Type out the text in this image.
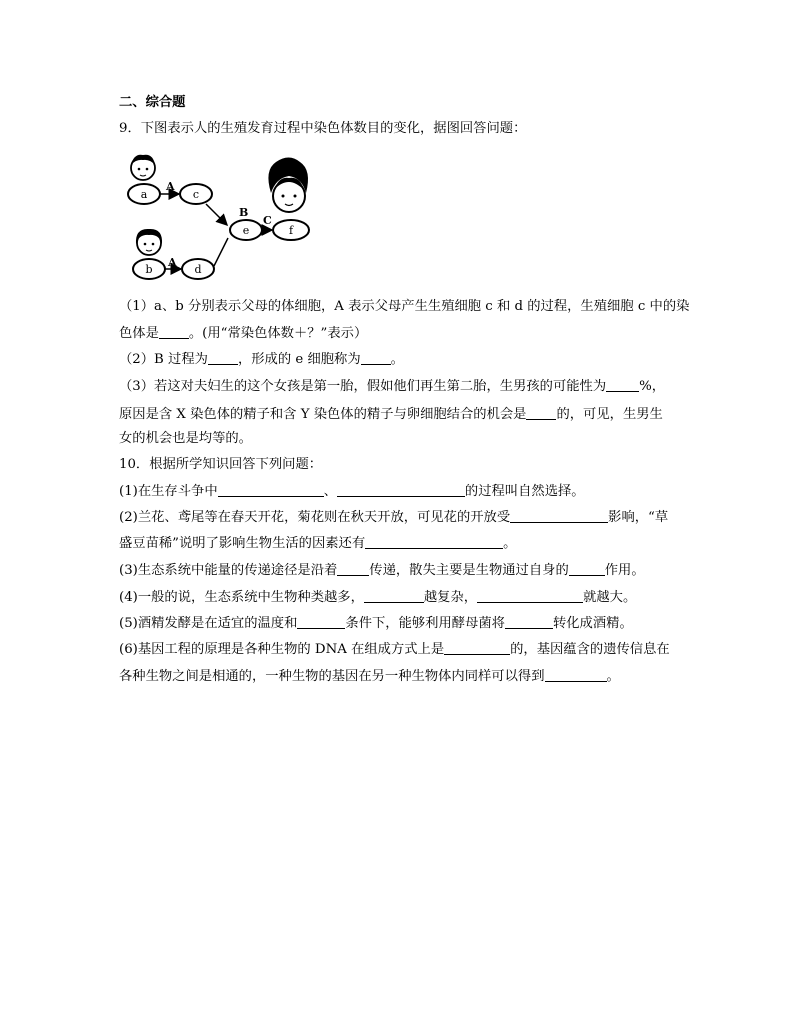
二、综合题
9．下图表示人的生殖发育过程中染色体数目的变化，据图回答问题：
a	c
b	d
e	f
A
A
B
C
（1）a、b 分别表示父母的体细胞，A 表示父母产生生殖细胞 c 和 d 的过程，生殖细胞 c 中的染
色体是 。(用“常染色体数＋？”表示）
（2）B 过程为 ，形成的 e 细胞称为 。
（3）若这对夫妇生的这个女孩是第一胎，假如他们再生第二胎，生男孩的可能性为 %，
原因是含 X 染色体的精子和含 Y 染色体的精子与卵细胞结合的机会是 的，可见，生男生
女的机会也是均等的。
10．根据所学知识回答下列问题：
(1)在生存斗争中	、	的过程叫自然选择。
(2)兰花、鸢尾等在春天开花，菊花则在秋天开放，可见花的开放受	影响，“草
盛豆苗稀”说明了影响生物生活的因素还有	。
(3)生态系统中能量的传递途径是沿着 传递，散失主要是生物通过自身的	作用。
(4)一般的说，生态系统中生物种类越多，	越复杂，	就越大。
(5)酒精发酵是在适宜的温度和	条件下，能够利用酵母菌将	转化成酒精。
(6)基因工程的原理是各种生物的 DNA 在组成方式上是	的，基因蕴含的遗传信息在
各种生物之间是相通的，一种生物的基因在另一种生物体内同样可以得到	。
